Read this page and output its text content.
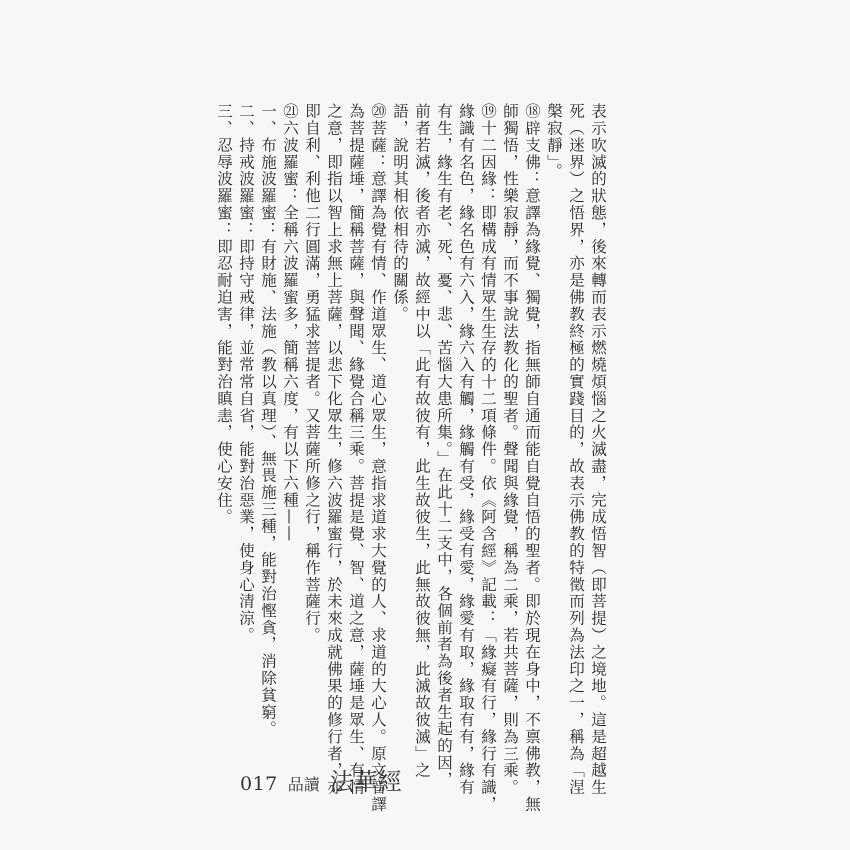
表示吹滅的狀態，後來轉而表示燃燒煩惱之火滅盡，完成悟智（即菩提）之境地。這是超越生
死（迷界）之悟界，亦是佛教終極的實踐目的，故表示佛教的特徵而列為法印之一，稱為「涅
槃寂靜」。
⑱辟支佛：意譯為緣覺、獨覺，指無師自通而能自覺自悟的聖者。即於現在身中，不禀佛教，無
師獨悟，性樂寂靜，而不事說法教化的聖者。聲聞與緣覺，稱為二乘，若共菩薩，則為三乘。
⑲十二因緣：即構成有情眾生生存的十二項條件。依《阿含經》記載：「緣癡有行，緣行有識，
緣識有名色，緣名色有六入，緣六入有觸，緣觸有受，緣受有愛，緣愛有取，緣取有有，緣有
有生，緣生有老、死、憂、悲、苦惱大患所集。」在此十二支中，各個前者為後者生起的因，
前者若滅，後者亦滅，故經中以「此有故彼有，此生故彼生，此無故彼無，此滅故彼滅」之
語，說明其相依相待的關係。
⑳菩薩：意譯為覺有情、作道眾生、道心眾生，意指求道求大覺的人、求道的大心人。原文音譯
為菩提薩埵，簡稱菩薩，與聲聞、緣覺合稱三乘。菩提是覺、智、道之意，薩埵是眾生、有情
之意，即指以智上求無上菩薩，以悲下化眾生，修六波羅蜜行，於未來成就佛果的修行者，亦
即自利、利他二行圓滿，勇猛求菩提者。又菩薩所修之行，稱作菩薩行。
㉑六波羅蜜：全稱六波羅蜜多，簡稱六度，有以下六種——
一、布施波羅蜜：有財施、法施（教以真理）、無畏施三種，能對治慳貪，消除貧窮。
二、持戒波羅蜜：即持守戒律，並常常自省，能對治惡業，使身心清涼。
三、忍辱波羅蜜：即忍耐迫害，能對治瞋恚，使心安住。
017 品讀 法華經
